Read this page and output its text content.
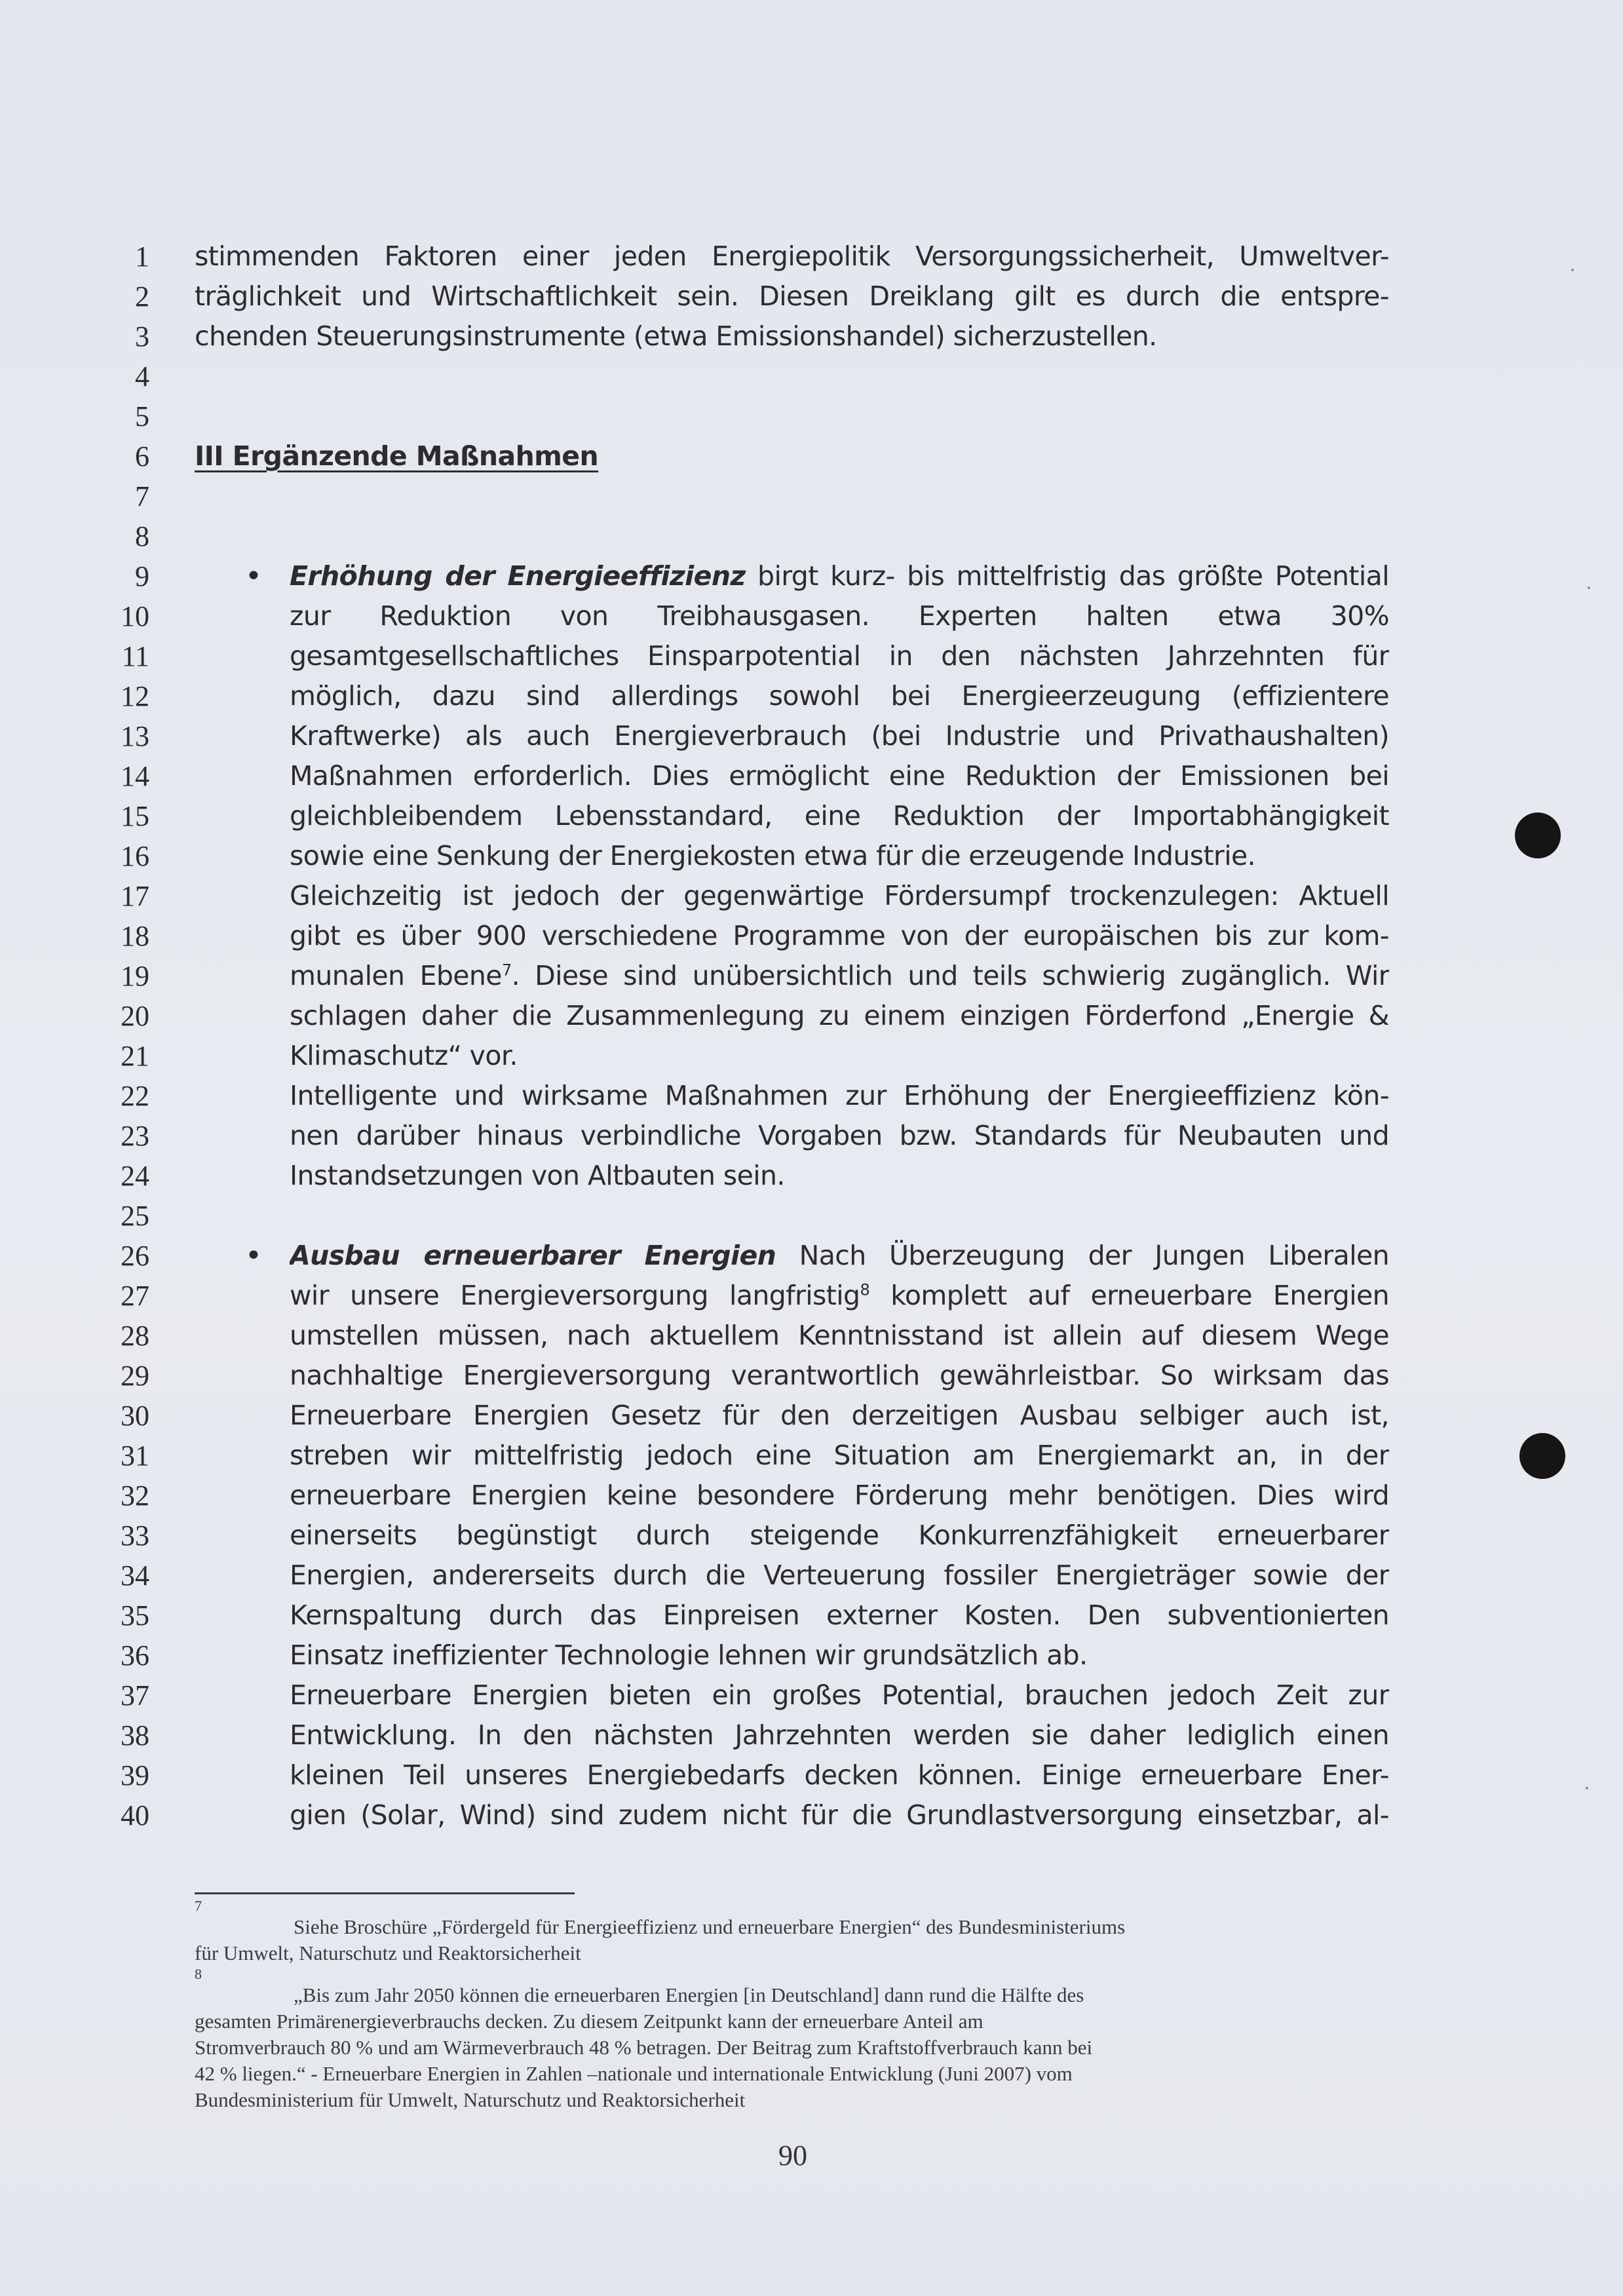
1
2
3
4
5
6
7
8
9
10
11
12
13
14
15
16
17
18
19
20
21
22
23
24
25
26
27
28
29
30
31
32
33
34
35
36
37
38
39
40
stimmenden Faktoren einer jeden Energiepolitik Versorgungssicherheit, Umweltver-
träglichkeit und Wirtschaftlichkeit sein. Diesen Dreiklang gilt es durch die entspre-
chenden Steuerungsinstrumente (etwa Emissionshandel) sicherzustellen.
III Ergänzende Maßnahmen
•	Erhöhung der Energieeffizienz birgt kurz- bis mittelfristig das größte Potential
zur Reduktion von Treibhausgasen. Experten halten etwa 30%
gesamtgesellschaftliches Einsparpotential in den nächsten Jahrzehnten für
möglich, dazu sind allerdings sowohl bei Energieerzeugung (effizientere
Kraftwerke) als auch Energieverbrauch (bei Industrie und Privathaushalten)
Maßnahmen erforderlich. Dies ermöglicht eine Reduktion der Emissionen bei
gleichbleibendem Lebensstandard, eine Reduktion der Importabhängigkeit
sowie eine Senkung der Energiekosten etwa für die erzeugende Industrie.
Gleichzeitig ist jedoch der gegenwärtige Fördersumpf trockenzulegen: Aktuell
gibt es über 900 verschiedene Programme von der europäischen bis zur kom-
munalen Ebene$^7$. Diese sind unübersichtlich und teils schwierig zugänglich. Wir
schlagen daher die Zusammenlegung zu einem einzigen Förderfond „Energie &
Klimaschutz“ vor.
Intelligente und wirksame Maßnahmen zur Erhöhung der Energieeffizienz kön-
nen darüber hinaus verbindliche Vorgaben bzw. Standards für Neubauten und
Instandsetzungen von Altbauten sein.
•	Ausbau erneuerbarer Energien Nach Überzeugung der Jungen Liberalen
wir unsere Energieversorgung langfristig$^8$ komplett auf erneuerbare Energien
umstellen müssen, nach aktuellem Kenntnisstand ist allein auf diesem Wege
nachhaltige Energieversorgung verantwortlich gewährleistbar. So wirksam das
Erneuerbare Energien Gesetz für den derzeitigen Ausbau selbiger auch ist,
streben wir mittelfristig jedoch eine Situation am Energiemarkt an, in der
erneuerbare Energien keine besondere Förderung mehr benötigen. Dies wird
einerseits begünstigt durch steigende Konkurrenzfähigkeit erneuerbarer
Energien, andererseits durch die Verteuerung fossiler Energieträger sowie der
Kernspaltung durch das Einpreisen externer Kosten. Den subventionierten
Einsatz ineffizienter Technologie lehnen wir grundsätzlich ab.
Erneuerbare Energien bieten ein großes Potential, brauchen jedoch Zeit zur
Entwicklung. In den nächsten Jahrzehnten werden sie daher lediglich einen
kleinen Teil unseres Energiebedarfs decken können. Einige erneuerbare Ener-
gien (Solar, Wind) sind zudem nicht für die Grundlastversorgung einsetzbar, al-
7
Siehe Broschüre „Fördergeld für Energieeffizienz und erneuerbare Energien“ des Bundesministeriums
für Umwelt, Naturschutz und Reaktorsicherheit
8
„Bis zum Jahr 2050 können die erneuerbaren Energien [in Deutschland] dann rund die Hälfte des
gesamten Primärenergieverbrauchs decken. Zu diesem Zeitpunkt kann der erneuerbare Anteil am
Stromverbrauch 80 % und am Wärmeverbrauch 48 % betragen. Der Beitrag zum Kraftstoffverbrauch kann bei
42 % liegen.“ - Erneuerbare Energien in Zahlen –nationale und internationale Entwicklung (Juni 2007) vom
Bundesministerium für Umwelt, Naturschutz und Reaktorsicherheit
90
